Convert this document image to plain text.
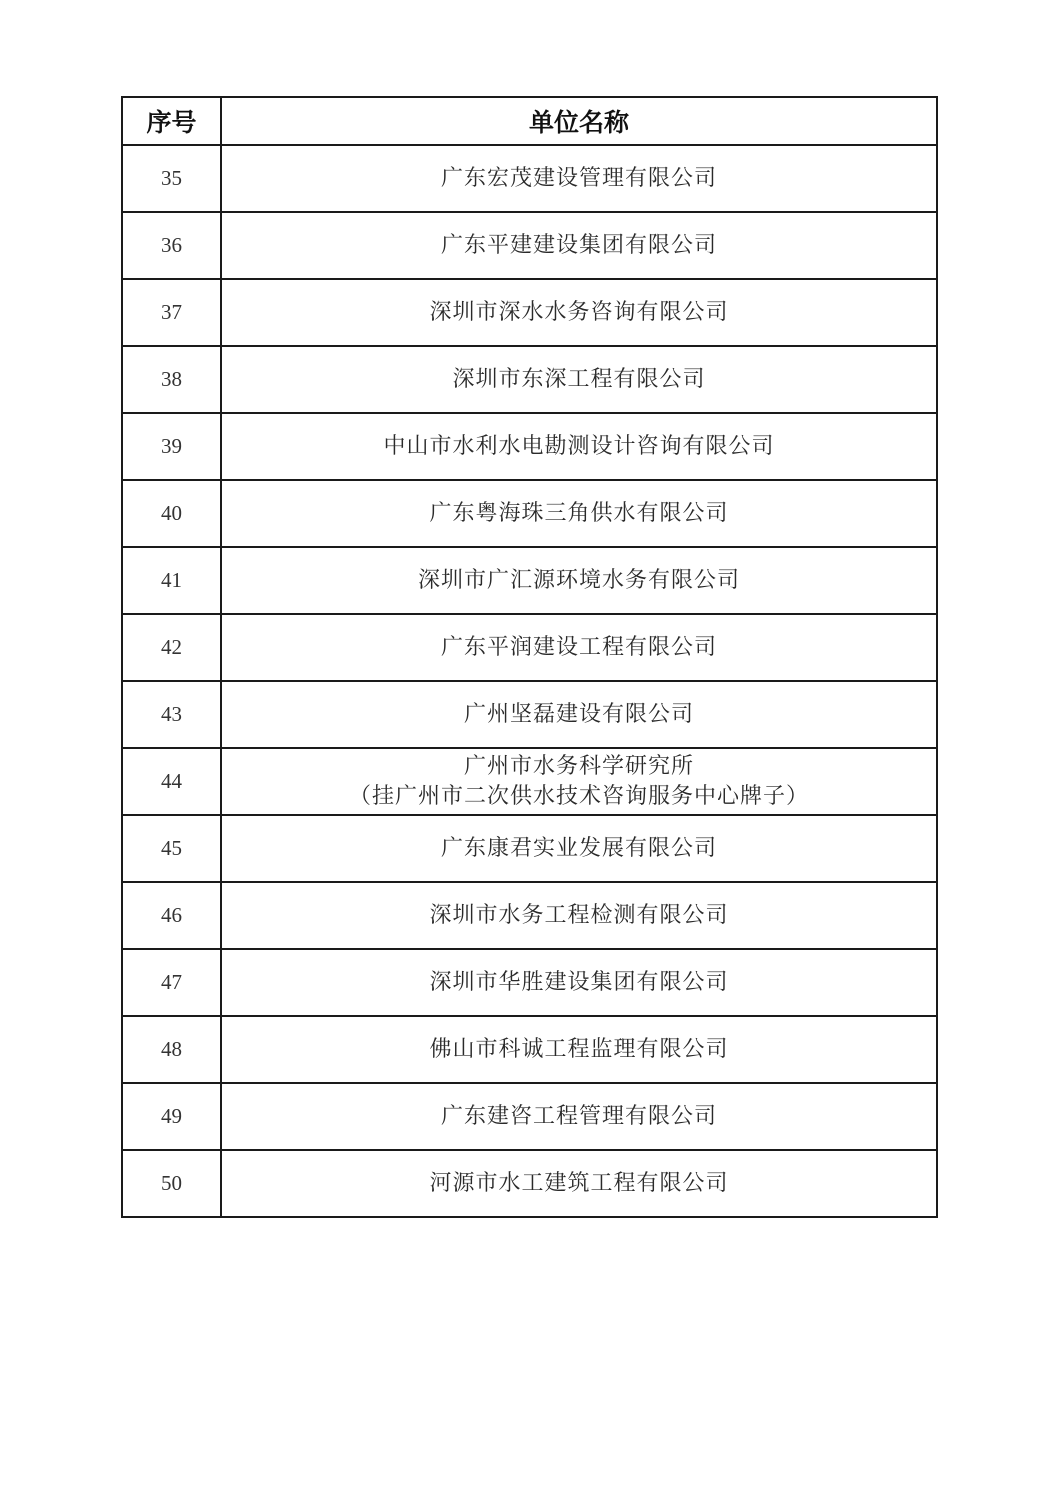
序号	单位名称
35	广东宏茂建设管理有限公司

36	广东平建建设集团有限公司

37	深圳市深水水务咨询有限公司

38	深圳市东深工程有限公司

39	中山市水利水电勘测设计咨询有限公司

40	广东粤海珠三角供水有限公司

41	深圳市广汇源环境水务有限公司

42	广东平润建设工程有限公司

43	广州坚磊建设有限公司

44	广州市水务科学研究所
（挂广州市二次供水技术咨询服务中心牌子）

45	广东康君实业发展有限公司

46	深圳市水务工程检测有限公司

47	深圳市华胜建设集团有限公司

48	佛山市科诚工程监理有限公司

49	广东建咨工程管理有限公司

50	河源市水工建筑工程有限公司
